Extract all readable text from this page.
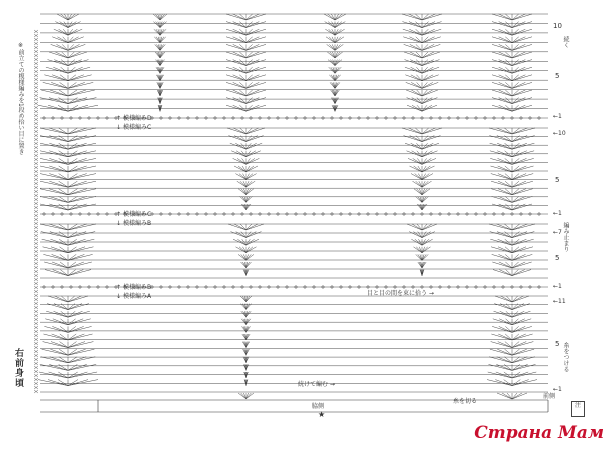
右前身頃
※前立ての模様編みを1段め拾い目に置き	↑ 模様編みD
↓ 模様編みC
↑ 模様編みC
↓ 模様編みB
↑ 模様編みB
↓ 模様編みA
続く
編み止まり
糸をつける
目と目の間を束に拾う →
続けて編む →
脇側
糸を切る
前側
★
10
5
←1
←10
5
←1
←7
5
←1
←11
5
←1
注
Страна Мам
